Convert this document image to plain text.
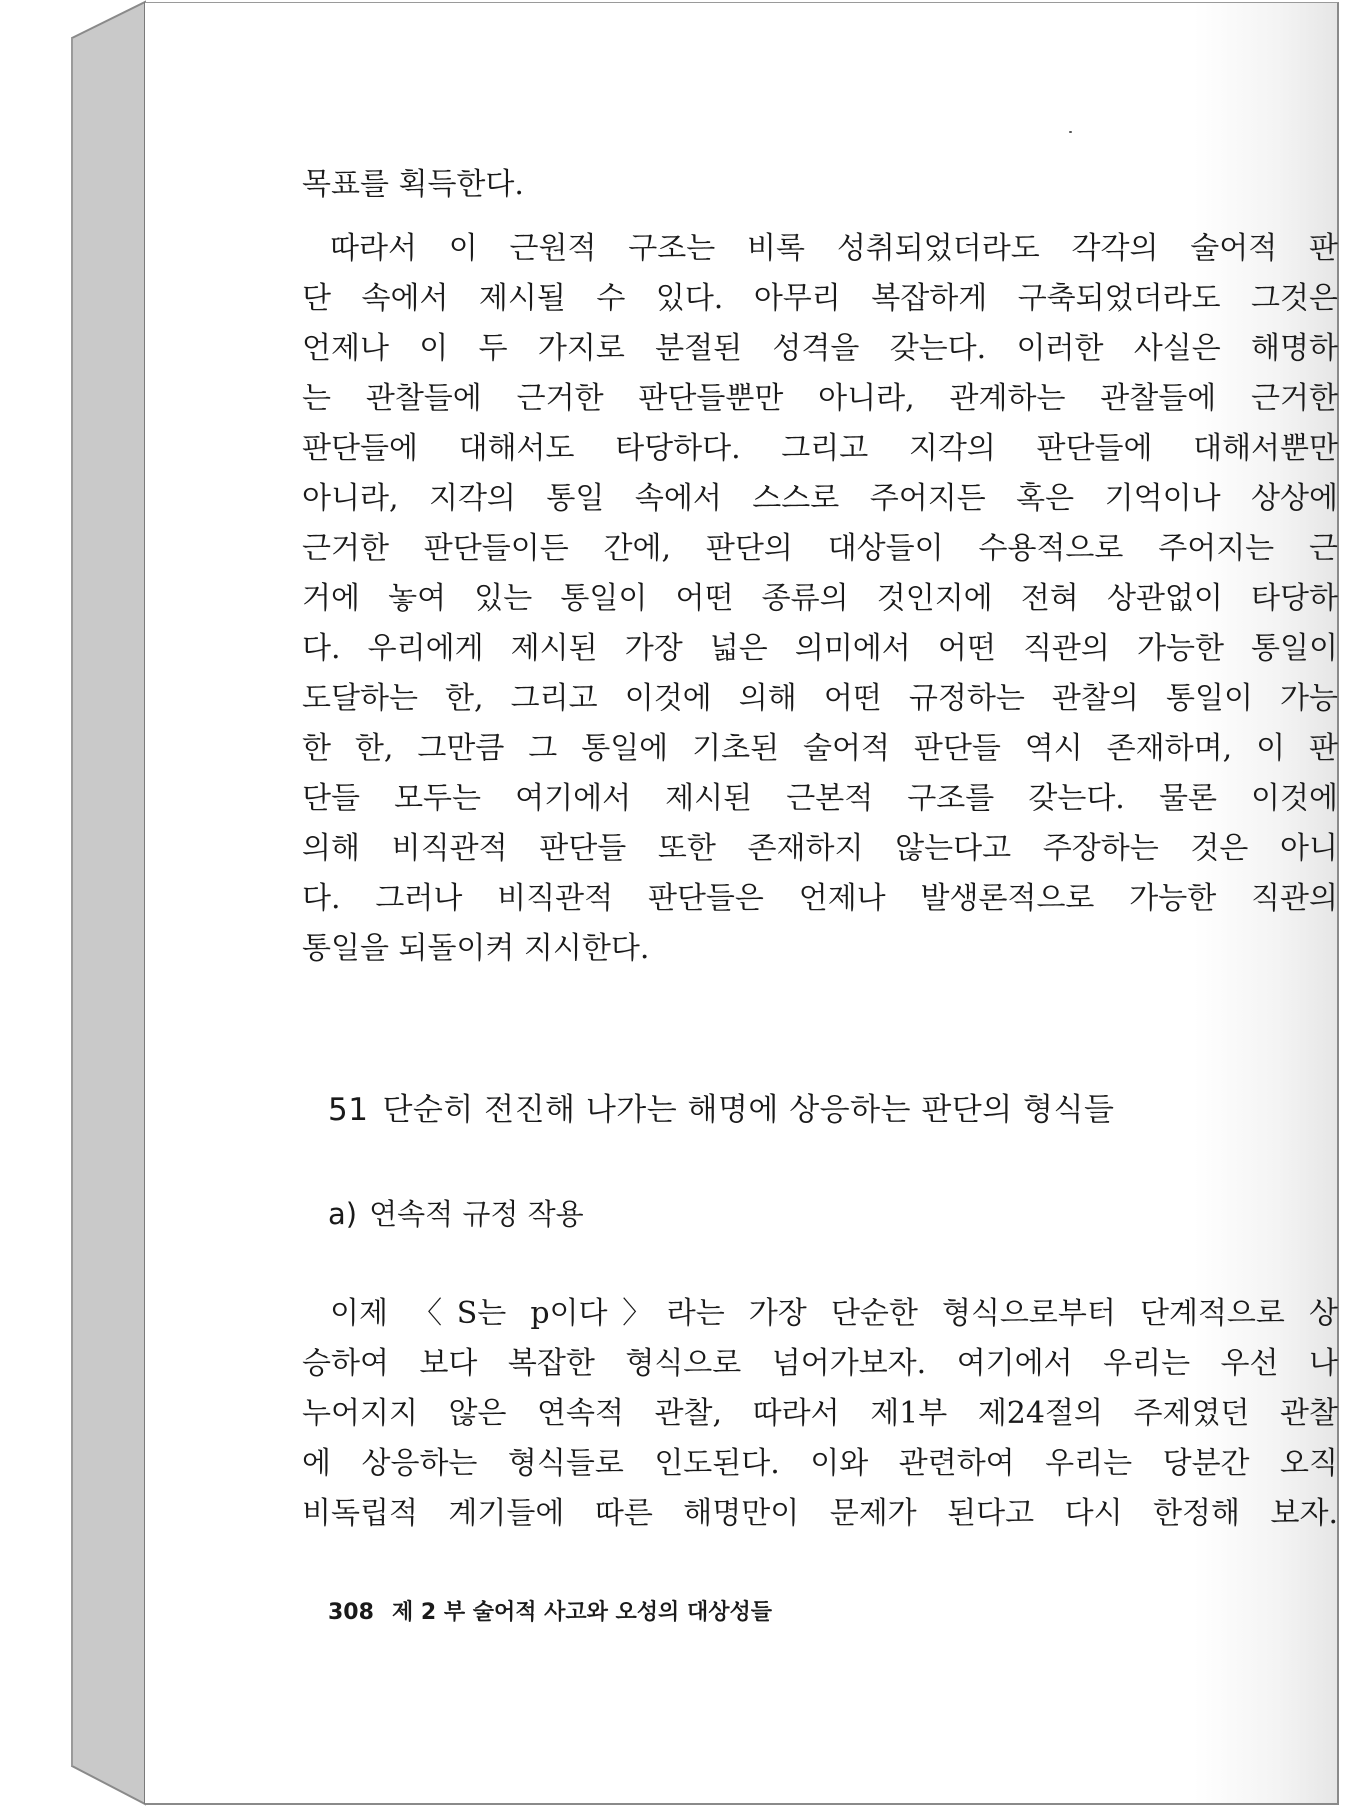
목표를 획득한다.
따라서 이 근원적 구조는 비록 성취되었더라도 각각의 술어적 판
단 속에서 제시될 수 있다. 아무리 복잡하게 구축되었더라도 그것은
언제나 이 두 가지로 분절된 성격을 갖는다. 이러한 사실은 해명하
는 관찰들에 근거한 판단들뿐만 아니라, 관계하는 관찰들에 근거한
판단들에 대해서도 타당하다. 그리고 지각의 판단들에 대해서뿐만
아니라, 지각의 통일 속에서 스스로 주어지든 혹은 기억이나 상상에
근거한 판단들이든 간에, 판단의 대상들이 수용적으로 주어지는 근
거에 놓여 있는 통일이 어떤 종류의 것인지에 전혀 상관없이 타당하
다. 우리에게 제시된 가장 넓은 의미에서 어떤 직관의 가능한 통일이
도달하는 한, 그리고 이것에 의해 어떤 규정하는 관찰의 통일이 가능
한 한, 그만큼 그 통일에 기초된 술어적 판단들 역시 존재하며, 이 판
단들 모두는 여기에서 제시된 근본적 구조를 갖는다. 물론 이것에
의해 비직관적 판단들 또한 존재하지 않는다고 주장하는 것은 아니
다. 그러나 비직관적 판단들은 언제나 발생론적으로 가능한 직관의
통일을 되돌이켜 지시한다.
이제 〈S는 p이다〉라는 가장 단순한 형식으로부터 단계적으로 상
승하여 보다 복잡한 형식으로 넘어가보자. 여기에서 우리는 우선 나
누어지지 않은 연속적 관찰, 따라서 제1부 제24절의 주제였던 관찰
에 상응하는 형식들로 인도된다. 이와 관련하여 우리는 당분간 오직
비독립적 계기들에 따른 해명만이 문제가 된다고 다시 한정해 보자.
51 단순히 전진해 나가는 해명에 상응하는 판단의 형식들
a) 연속적 규정 작용
308 제 2 부 술어적 사고와 오성의 대상성들
